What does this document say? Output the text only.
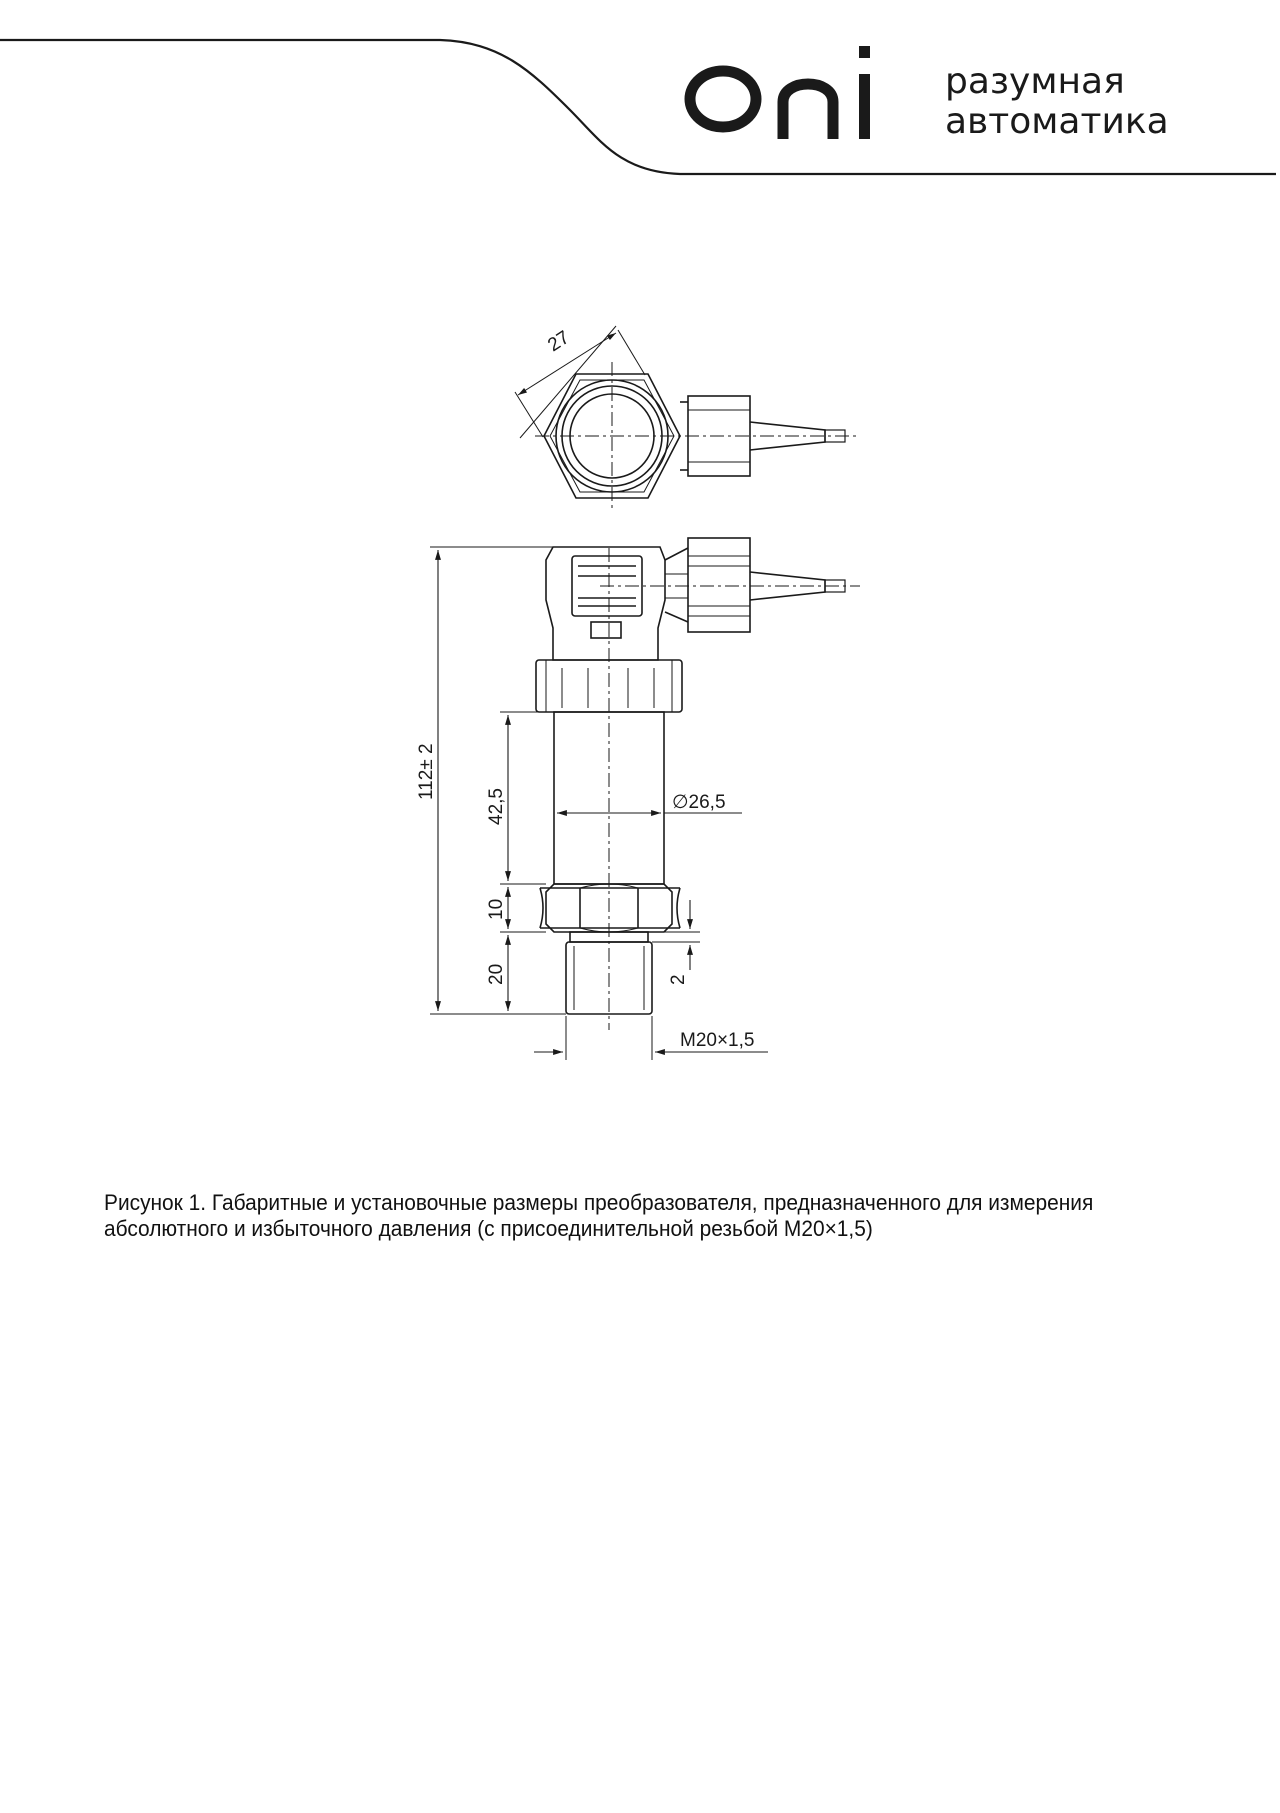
oni
разумная
автоматика
27
112± 2
42,5	∅26,5
10
20	2
M20×1,5
Рисунок 1. Габаритные и установочные размеры преобразователя, предназначенного для измерения
абсолютного и избыточного давления (с присоединительной резьбой M20×1,5)
